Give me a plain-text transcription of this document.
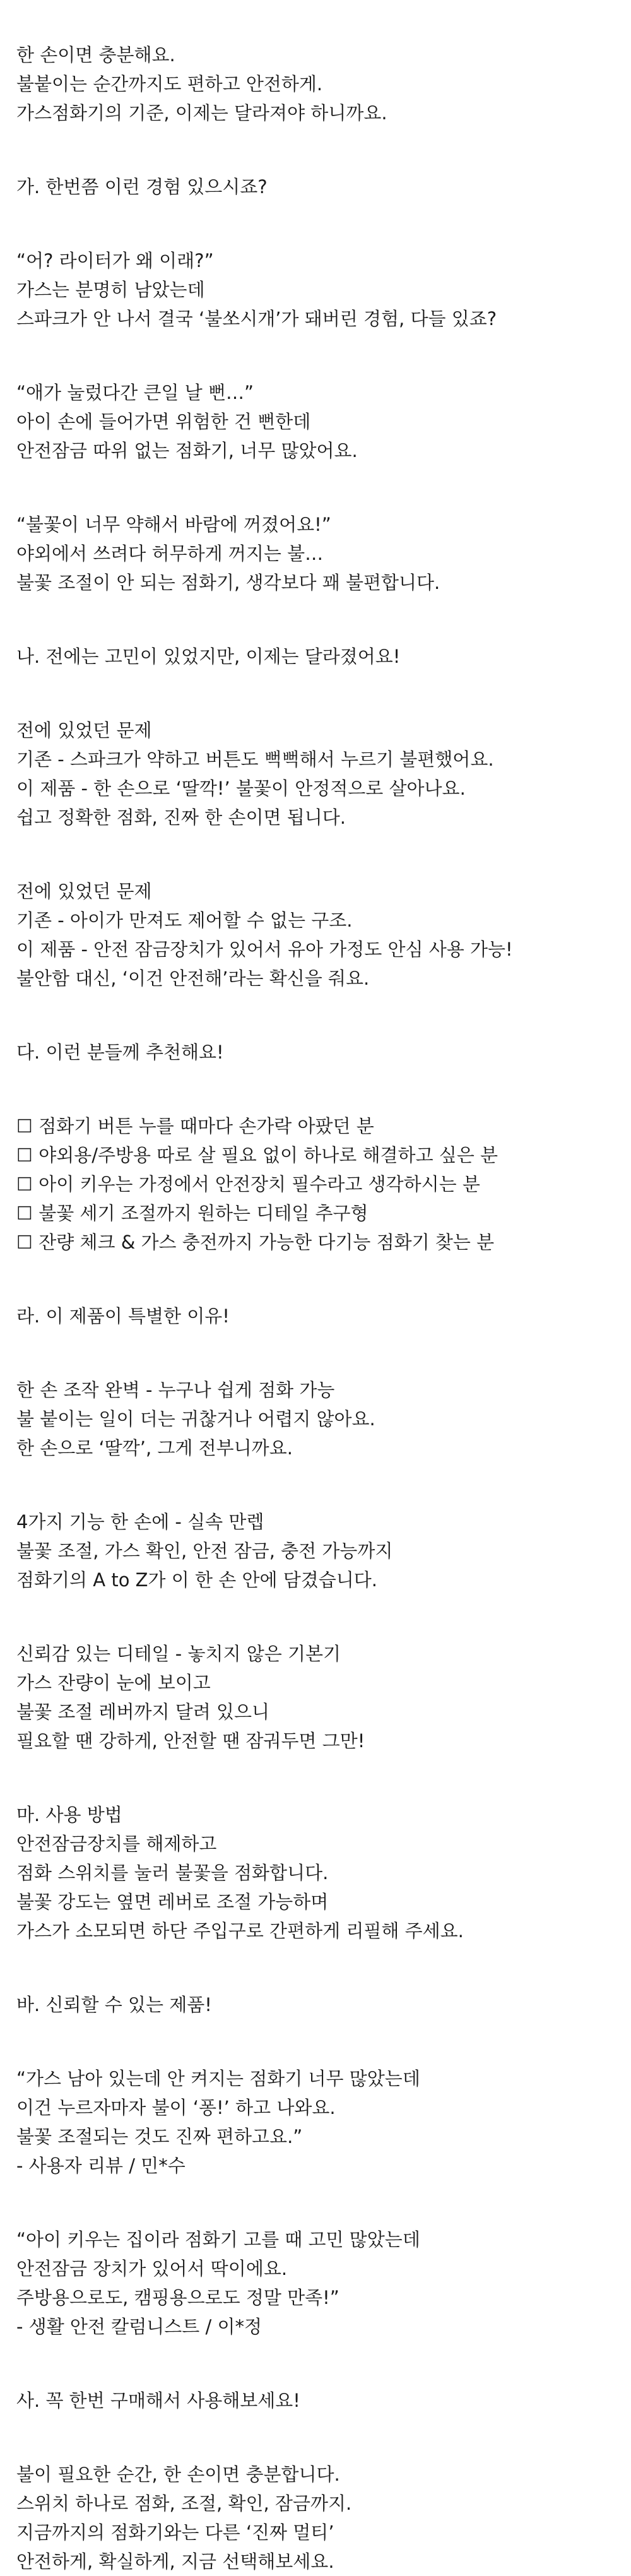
한 손이면 충분해요.

불붙이는 순간까지도 편하고 안전하게.

가스점화기의 기준, 이제는 달라져야 하니까요.

가. 한번쯤 이런 경험 있으시죠?

“어? 라이터가 왜 이래?”

가스는 분명히 남았는데

스파크가 안 나서 결국 ‘불쏘시개’가 돼버린 경험, 다들 있죠?

“애가 눌렀다간 큰일 날 뻔…”

아이 손에 들어가면 위험한 건 뻔한데

안전잠금 따위 없는 점화기, 너무 많았어요.

“불꽃이 너무 약해서 바람에 꺼졌어요!”

야외에서 쓰려다 허무하게 꺼지는 불…

불꽃 조절이 안 되는 점화기, 생각보다 꽤 불편합니다.

나. 전에는 고민이 있었지만, 이제는 달라졌어요!

전에 있었던 문제

기존 - 스파크가 약하고 버튼도 뻑뻑해서 누르기 불편했어요.

이 제품 - 한 손으로 ‘딸깍!’ 불꽃이 안정적으로 살아나요.

쉽고 정확한 점화, 진짜 한 손이면 됩니다.

전에 있었던 문제

기존 - 아이가 만져도 제어할 수 없는 구조.

이 제품 - 안전 잠금장치가 있어서 유아 가정도 안심 사용 가능!

불안함 대신, ‘이건 안전해’라는 확신을 줘요.

다. 이런 분들께 추천해요!

☐ 점화기 버튼 누를 때마다 손가락 아팠던 분

☐ 야외용/주방용 따로 살 필요 없이 하나로 해결하고 싶은 분

☐ 아이 키우는 가정에서 안전장치 필수라고 생각하시는 분

☐ 불꽃 세기 조절까지 원하는 디테일 추구형

☐ 잔량 체크 & 가스 충전까지 가능한 다기능 점화기 찾는 분

라. 이 제품이 특별한 이유!

한 손 조작 완벽 - 누구나 쉽게 점화 가능

불 붙이는 일이 더는 귀찮거나 어렵지 않아요.

한 손으로 ‘딸깍’, 그게 전부니까요.

4가지 기능 한 손에 - 실속 만렙

불꽃 조절, 가스 확인, 안전 잠금, 충전 가능까지

점화기의 A to Z가 이 한 손 안에 담겼습니다.

신뢰감 있는 디테일 - 놓치지 않은 기본기

가스 잔량이 눈에 보이고

불꽃 조절 레버까지 달려 있으니

필요할 땐 강하게, 안전할 땐 잠궈두면 그만!

마. 사용 방법

안전잠금장치를 해제하고

점화 스위치를 눌러 불꽃을 점화합니다.

불꽃 강도는 옆면 레버로 조절 가능하며

가스가 소모되면 하단 주입구로 간편하게 리필해 주세요.

바. 신뢰할 수 있는 제품!

“가스 남아 있는데 안 켜지는 점화기 너무 많았는데

이건 누르자마자 불이 ‘퐁!’ 하고 나와요.

불꽃 조절되는 것도 진짜 편하고요.”

- 사용자 리뷰 / 민*수

“아이 키우는 집이라 점화기 고를 때 고민 많았는데

안전잠금 장치가 있어서 딱이에요.

주방용으로도, 캠핑용으로도 정말 만족!”

- 생활 안전 칼럼니스트 / 이*정

사. 꼭 한번 구매해서 사용해보세요!

불이 필요한 순간, 한 손이면 충분합니다.

스위치 하나로 점화, 조절, 확인, 잠금까지.

지금까지의 점화기와는 다른 ‘진짜 멀티’

안전하게, 확실하게, 지금 선택해보세요.
